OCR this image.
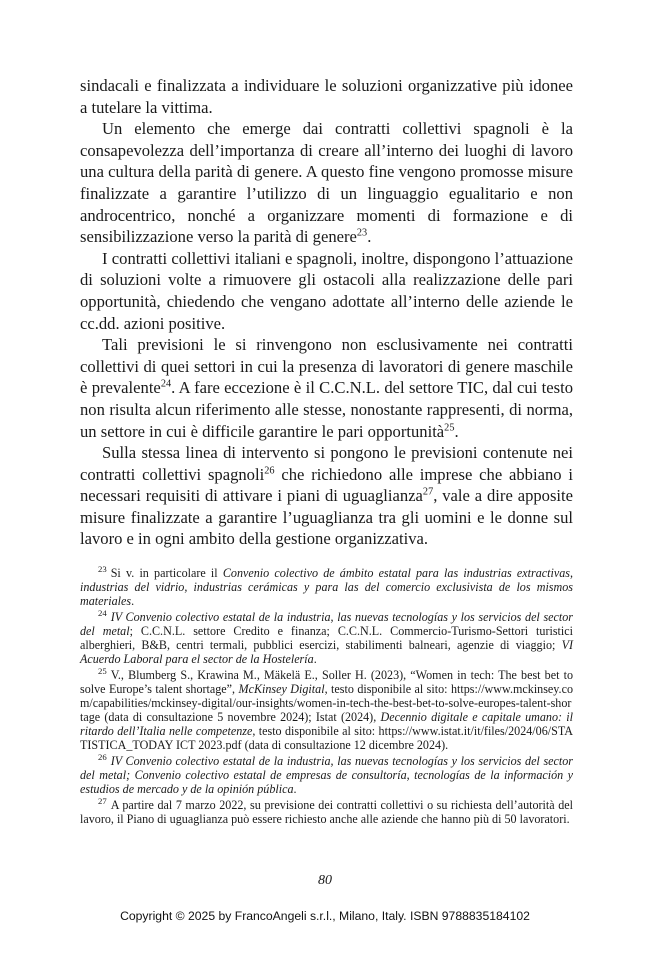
sindacali e finalizzata a individuare le soluzioni organizzative più idonee a tutelare la vittima.

Un elemento che emerge dai contratti collettivi spagnoli è la consapevolezza dell’importanza di creare all’interno dei luoghi di lavoro una cultura della parità di genere. A questo fine vengono promosse misure finalizzate a garantire l’utilizzo di un linguaggio egualitario e non androcentrico, nonché a organizzare momenti di formazione e di sensibilizzazione verso la parità di genere$^{23}$.

I contratti collettivi italiani e spagnoli, inoltre, dispongono l’attuazione di soluzioni volte a rimuovere gli ostacoli alla realizzazione delle pari opportunità, chiedendo che vengano adottate all’interno delle aziende le cc.dd. azioni positive.

Tali previsioni le si rinvengono non esclusivamente nei contratti collettivi di quei settori in cui la presenza di lavoratori di genere maschile è prevalente$^{24}$. A fare eccezione è il C.C.N.L. del settore TIC, dal cui testo non risulta alcun riferimento alle stesse, nonostante rappresenti, di norma, un settore in cui è difficile garantire le pari opportunità$^{25}$.

Sulla stessa linea di intervento si pongono le previsioni contenute nei contratti collettivi spagnoli$^{26}$ che richiedono alle imprese che abbiano i necessari requisiti di attivare i piani di uguaglianza$^{27}$, vale a dire apposite misure finalizzate a garantire l’uguaglianza tra gli uomini e le donne sul lavoro e in ogni ambito della gestione organizzativa.

$^{23}$ Si v. in particolare il Convenio colectivo de ámbito estatal para las industrias extractivas, industrias del vidrio, industrias cerámicas y para las del comercio exclusivista de los mismos materiales.

$^{24}$ IV Convenio colectivo estatal de la industria, las nuevas tecnologías y los servicios del sector del metal; C.C.N.L. settore Credito e finanza; C.C.N.L. Commercio-Turismo-Settori turistici alberghieri, B&B, centri termali, pubblici esercizi, stabilimenti balneari, agenzie di viaggio; VI Acuerdo Laboral para el sector de la Hostelería.

$^{25}$ V., Blumberg S., Krawina M., Mäkelä E., Soller H. (2023), “Women in tech: The best bet to solve Europe’s talent shortage”, McKinsey Digital, testo disponibile al sito: https://www.mckinsey.com/capabilities/mckinsey-digital/our-insights/women-in-tech-the-best-bet-to-solve-europes-talent-shortage (data di consultazione 5 novembre 2024); Istat (2024), Decennio digitale e capitale umano: il ritardo dell’Italia nelle competenze, testo disponibile al sito: https://www.istat.it/it/files/2024/06/STATISTICA_TODAY ICT 2023.pdf (data di consultazione 12 dicembre 2024).

$^{26}$ IV Convenio colectivo estatal de la industria, las nuevas tecnologías y los servicios del sector del metal; Convenio colectivo estatal de empresas de consultoría, tecnologías de la información y estudios de mercado y de la opinión pública.

$^{27}$ A partire dal 7 marzo 2022, su previsione dei contratti collettivi o su richiesta dell’autorità del lavoro, il Piano di uguaglianza può essere richiesto anche alle aziende che hanno più di 50 lavoratori.

80
Copyright © 2025 by FrancoAngeli s.r.l., Milano, Italy. ISBN 9788835184102
